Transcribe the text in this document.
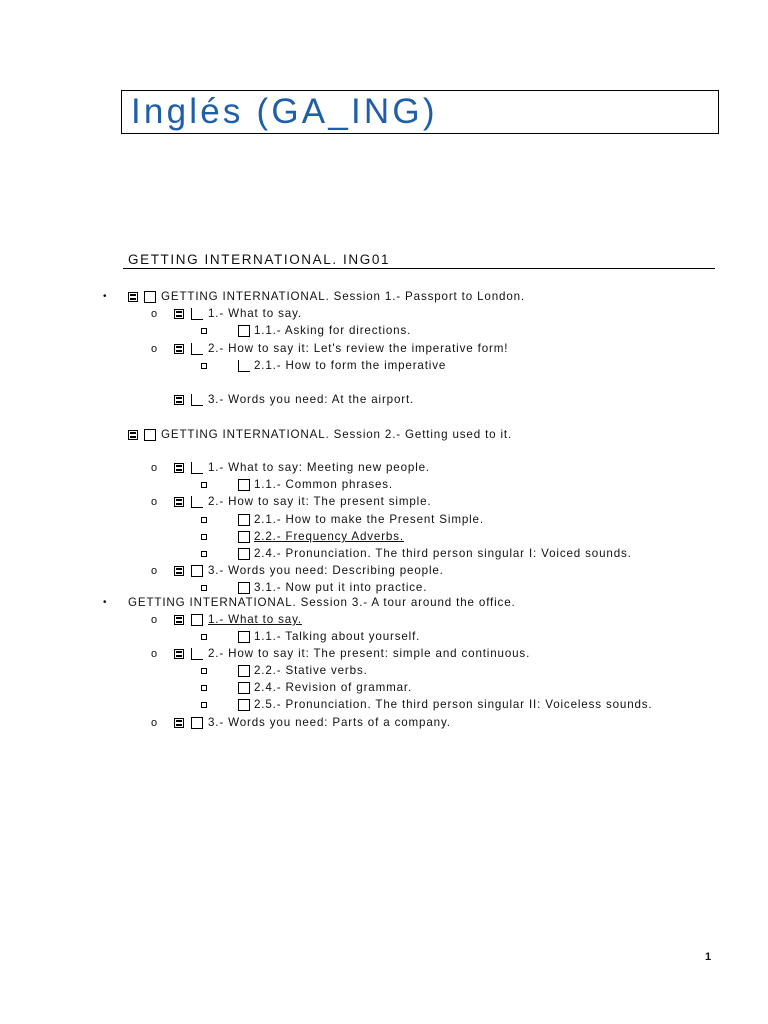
Inglés (GA_ING)
GETTING INTERNATIONAL. ING01
•	GETTING INTERNATIONAL. Session 1.- Passport to London.
o	1.- What to say.
1.1.- Asking for directions.
o	2.- How to say it: Let's review the imperative form!
2.1.- How to form the imperative
3.- Words you need: At the airport.
GETTING INTERNATIONAL. Session 2.- Getting used to it.
o	1.- What to say: Meeting new people.
1.1.- Common phrases.
o	2.- How to say it: The present simple.
2.1.- How to make the Present Simple.
2.2.- Frequency Adverbs.
2.4.- Pronunciation. The third person singular I: Voiced sounds.
o	3.- Words you need: Describing people.
3.1.- Now put it into practice.
• GETTING INTERNATIONAL. Session 3.- A tour around the office.
o	1.- What to say.
1.1.- Talking about yourself.
o	2.- How to say it: The present: simple and continuous.
2.2.- Stative verbs.
2.4.- Revision of grammar.
2.5.- Pronunciation. The third person singular II: Voiceless sounds.
o	3.- Words you need: Parts of a company.
1
